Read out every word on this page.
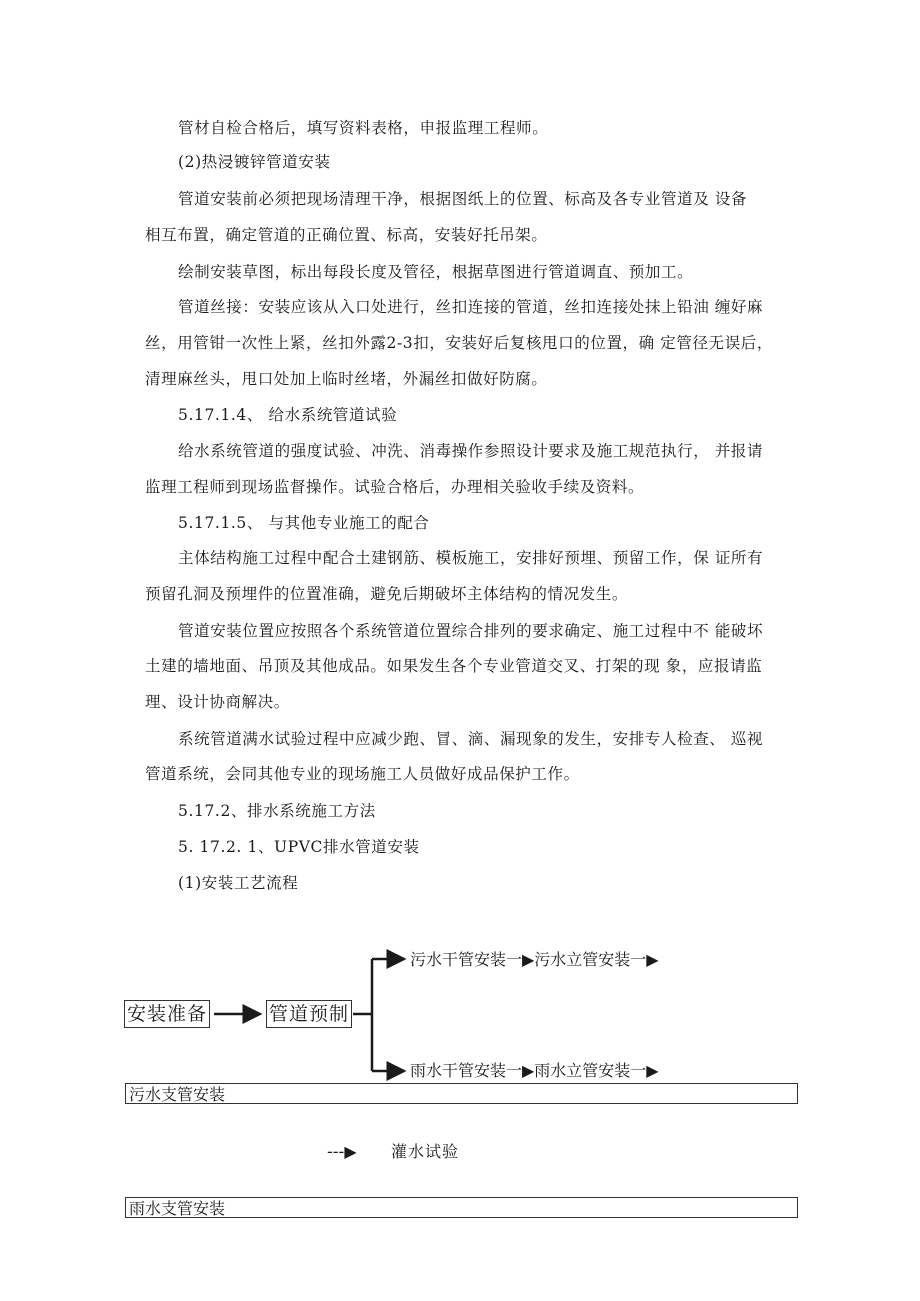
管材自检合格后，填写资料表格，申报监理工程师。
(2)热浸镀锌管道安装
管道安装前必须把现场清理干净，根据图纸上的位置、标高及各专业管道及 设备
相互布置，确定管道的正确位置、标高，安装好托吊架。
绘制安装草图，标出每段长度及管径，根据草图进行管道调直、预加工。
管道丝接：安装应该从入口处进行，丝扣连接的管道，丝扣连接处抹上铅油 缠好麻
丝，用管钳一次性上紧，丝扣外露2-3扣，安装好后复核甩口的位置，确 定管径无误后，
清理麻丝头，甩口处加上临时丝堵，外漏丝扣做好防腐。
5.17.1.4、 给水系统管道试验
给水系统管道的强度试验、冲洗、消毒操作参照设计要求及施工规范执行， 并报请
监理工程师到现场监督操作。试验合格后，办理相关验收手续及资料。
5.17.1.5、 与其他专业施工的配合
主体结构施工过程中配合土建钢筋、模板施工，安排好预埋、预留工作，保 证所有
预留孔洞及预埋件的位置准确，避免后期破坏主体结构的情况发生。
管道安装位置应按照各个系统管道位置综合排列的要求确定、施工过程中不 能破坏
土建的墙地面、吊顶及其他成品。如果发生各个专业管道交叉、打架的现 象，应报请监
理、设计协商解决。
系统管道满水试验过程中应减少跑、冒、滴、漏现象的发生，安排专人检查、 巡视
管道系统，会同其他专业的现场施工人员做好成品保护工作。
5.17.2、排水系统施工方法
5. 17.2. 1、UPVC排水管道安装
(1)安装工艺流程
安装准备	管道预制
污水干管安装一▶污水立管安装一▶
雨水干管安装一▶雨水立管安装一▶
污水支管安装
---▶ 灌水试验
雨水支管安装
